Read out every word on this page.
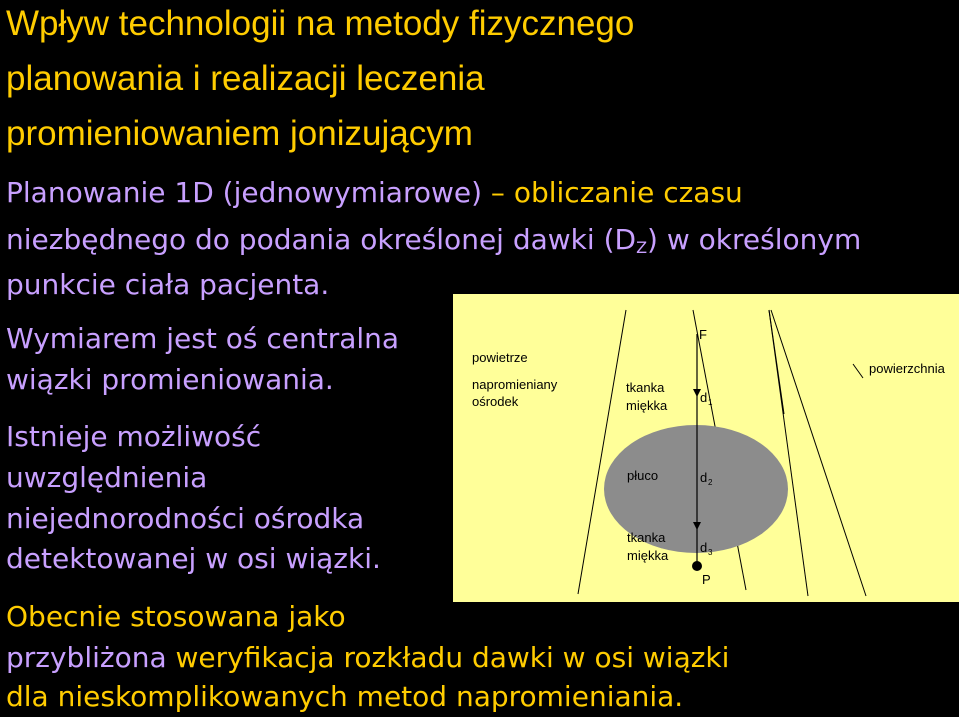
Wpływ technologii na metody fizycznego
planowania i realizacji leczenia
promieniowaniem jonizującym
Planowanie 1D (jednowymiarowe) – obliczanie czasu
niezbędnego do podania określonej dawki $(D_Z)$ w określonym
punkcie ciała pacjenta.
Wymiarem jest oś centralna
wiązki promieniowania.
Istnieje możliwość
uwzględnienia
niejednorodności ośrodka
detektowanej w osi wiązki.
Obecnie stosowana jako
przybliżona weryfikacja rozkładu dawki w osi wiązki
dla nieskomplikowanych metod napromieniania.
powietrze
napromieniany
ośrodek
tkanka
miękka
płuco
tkanka
miękka
F
P
powierzchnia
d 1
d 2
d 3
